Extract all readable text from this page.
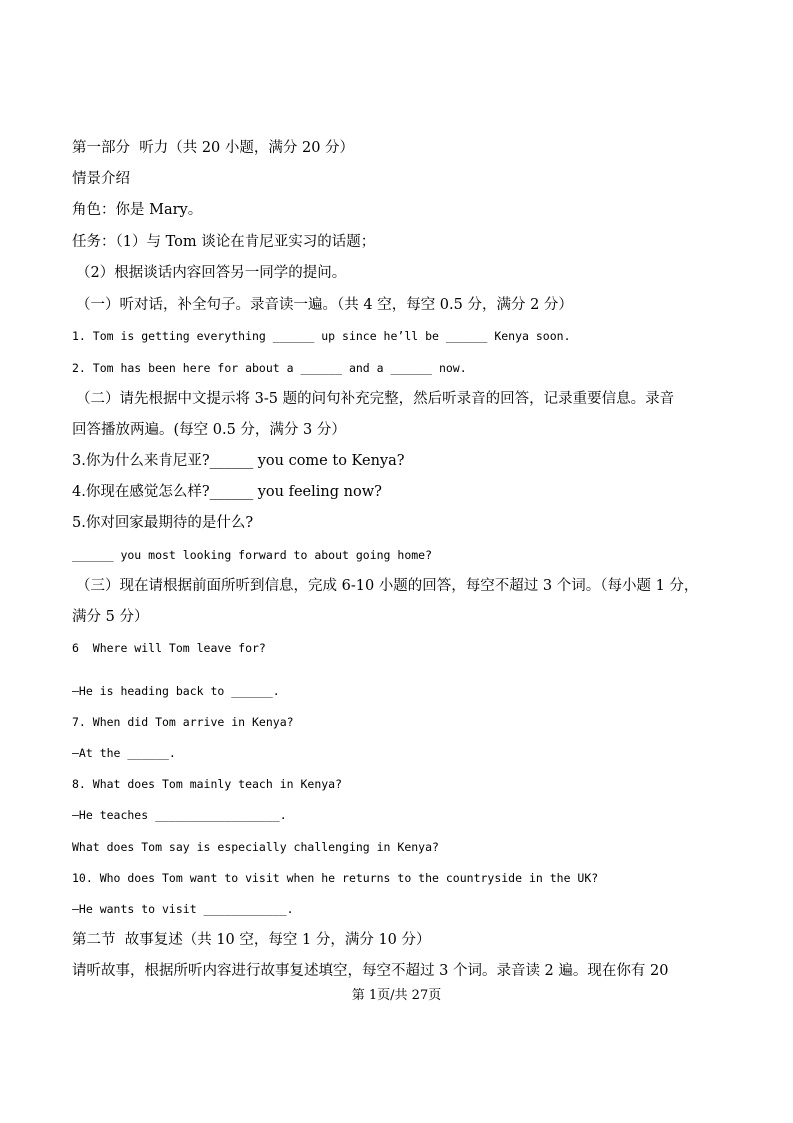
第一部分  听力（共 20 小题，满分 20 分）
情景介绍
角色：你是 Mary。
任务：（1）与 Tom 谈论在肯尼亚实习的话题；
（2）根据谈话内容回答另一同学的提问。
（一）听对话，补全句子。录音读一遍。（共 4 空，每空 0.5 分，满分 2 分）
1. Tom is getting everything ______ up since he’ll be ______ Kenya soon.
2. Tom has been here for about a ______ and a ______ now.
（二）请先根据中文提示将 3-5 题的问句补充完整，然后听录音的回答，记录重要信息。录音
回答播放两遍。(每空 0.5 分，满分 3 分）
3.你为什么来肯尼亚?______ you come to Kenya?
4.你现在感觉怎么样?______ you feeling now?
5.你对回家最期待的是什么?
______ you most looking forward to about going home?
（三）现在请根据前面所听到信息，完成 6-10 小题的回答，每空不超过 3 个词。（每小题 1 分，
满分 5 分）
6  Where will Tom leave for?
—He is heading back to ______.
7. When did Tom arrive in Kenya?
—At the ______.
8. What does Tom mainly teach in Kenya?
—He teaches __________________.
What does Tom say is especially challenging in Kenya?
10. Who does Tom want to visit when he returns to the countryside in the UK?
—He wants to visit ____________.
第二节  故事复述（共 10 空，每空 1 分，满分 10 分）
请听故事，根据所听内容进行故事复述填空，每空不超过 3 个词。录音读 2 遍。现在你有 20
第 1页/共 27页
